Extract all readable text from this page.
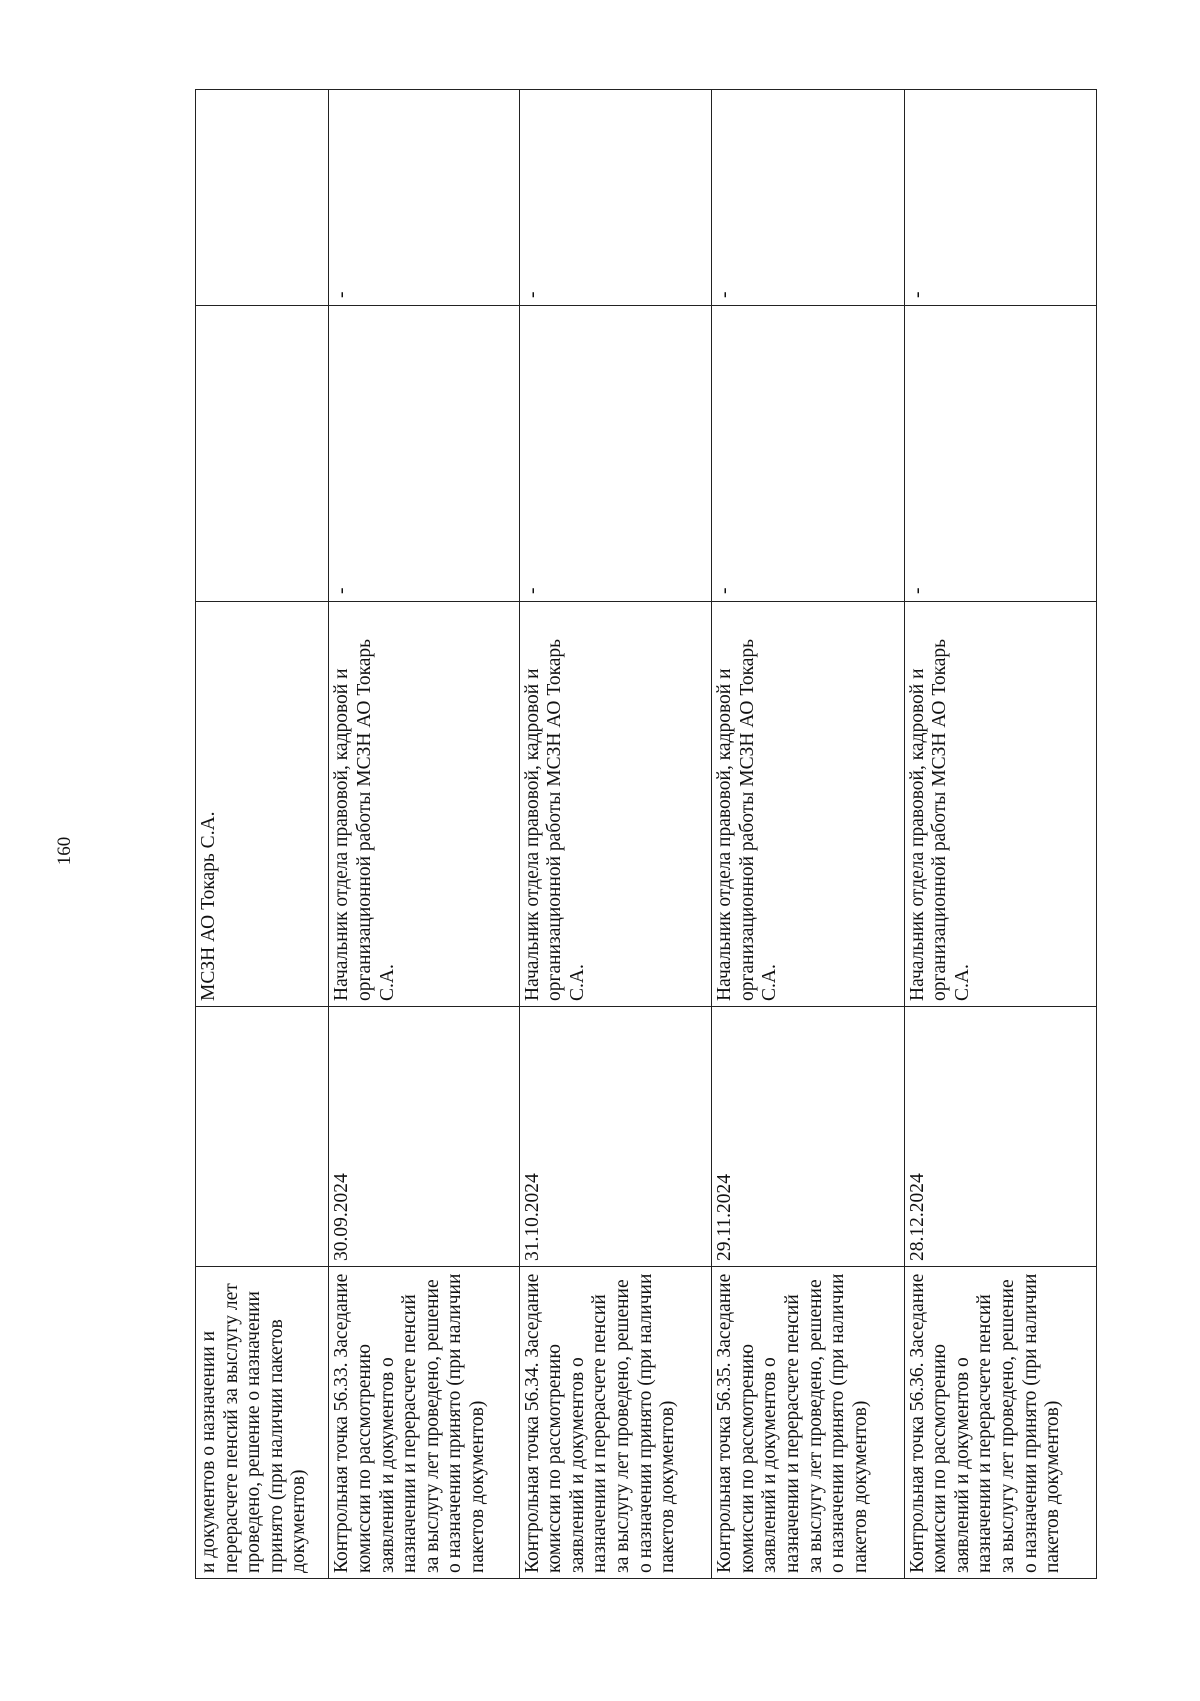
160
и документов о назначении и перерасчете пенсий за выслугу лет проведено, решение о назначении принято (при наличии пакетов документов)		МСЗН АО Токарь С.А.		
Контрольная точка 56.33. Заседание комиссии по рассмотрению заявлений и документов о назначении и перерасчете пенсий за выслугу лет проведено, решение о назначении принято (при наличии пакетов документов)	30.09.2024	Начальник отдела правовой, кадровой и организационной работы МСЗН АО Токарь С.А.	-	-
Контрольная точка 56.34. Заседание комиссии по рассмотрению заявлений и документов о назначении и перерасчете пенсий за выслугу лет проведено, решение о назначении принято (при наличии пакетов документов)	31.10.2024	Начальник отдела правовой, кадровой и организационной работы МСЗН АО Токарь С.А.	-	-
Контрольная точка 56.35. Заседание комиссии по рассмотрению заявлений и документов о назначении и перерасчете пенсий за выслугу лет проведено, решение о назначении принято (при наличии пакетов документов)	29.11.2024	Начальник отдела правовой, кадровой и организационной работы МСЗН АО Токарь С.А.	-	-
Контрольная точка 56.36. Заседание комиссии по рассмотрению заявлений и документов о назначении и перерасчете пенсий за выслугу лет проведено, решение о назначении принято (при наличии пакетов документов)	28.12.2024	Начальник отдела правовой, кадровой и организационной работы МСЗН АО Токарь С.А.	-	-
